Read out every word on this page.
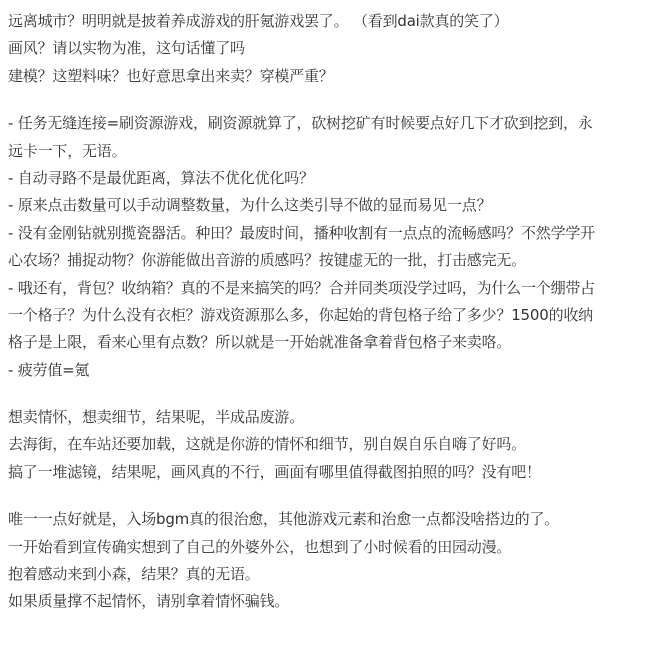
远离城市？明明就是披着养成游戏的肝氪游戏罢了。 （看到dai款真的笑了）
画风？请以实物为准，这句话懂了吗
建模？这塑料味？也好意思拿出来卖？穿模严重？
- 任务无缝连接=刷资源游戏，刷资源就算了，砍树挖矿有时候要点好几下才砍到挖到，永
远卡一下，无语。
- 自动寻路不是最优距离，算法不优化优化吗？
- 原来点击数量可以手动调整数量，为什么这类引导不做的显而易见一点？
- 没有金刚钻就别揽瓷器活。种田？最废时间，播种收割有一点点的流畅感吗？不然学学开
心农场？捕捉动物？你游能做出音游的质感吗？按键虚无的一批，打击感完无。
- 哦还有，背包？收纳箱？真的不是来搞笑的吗？合并同类项没学过吗，为什么一个绷带占
一个格子？为什么没有衣柜？游戏资源那么多，你起始的背包格子给了多少？1500的收纳
格子是上限，看来心里有点数？所以就是一开始就准备拿着背包格子来卖咯。
- 疲劳值=氪
想卖情怀，想卖细节，结果呢，半成品废游。
去海街，在车站还要加载，这就是你游的情怀和细节，别自娱自乐自嗨了好吗。
搞了一堆滤镜，结果呢，画风真的不行，画面有哪里值得截图拍照的吗？没有吧！
唯一一点好就是，入场bgm真的很治愈，其他游戏元素和治愈一点都没啥搭边的了。
一开始看到宣传确实想到了自己的外婆外公，也想到了小时候看的田园动漫。
抱着感动来到小森，结果？真的无语。
如果质量撑不起情怀，请别拿着情怀骗钱。
